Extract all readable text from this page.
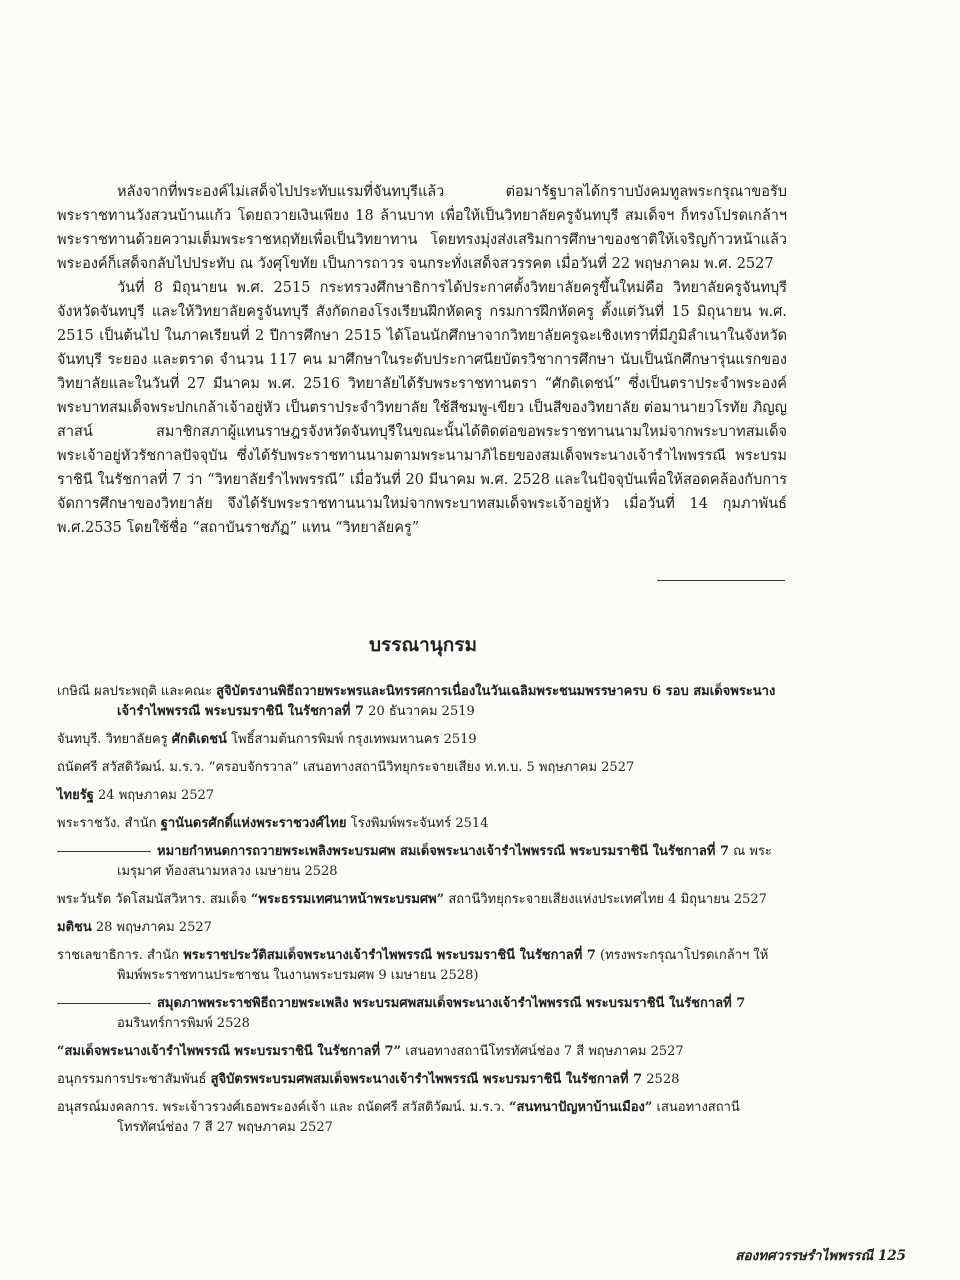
หลังจากที่พระองค์ไม่เสด็จไปประทับแรมที่จันทบุรีแล้ว ต่อมารัฐบาลได้กราบบังคมทูลพระกรุณาขอรับพระราชทานวังสวนบ้านแก้ว โดยถวายเงินเพียง 18 ล้านบาท เพื่อให้เป็นวิทยาลัยครูจันทบุรี สมเด็จฯ ก็ทรงโปรดเกล้าฯ พระราชทานด้วยความเต็มพระราชหฤทัยเพื่อเป็นวิทยาทาน โดยทรงมุ่งส่งเสริมการศึกษาของชาติให้เจริญก้าวหน้าแล้วพระองค์ก็เสด็จกลับไปประทับ ณ วังศุโขทัย เป็นการถาวร จนกระทั่งเสด็จสวรรคต เมื่อวันที่ 22 พฤษภาคม พ.ศ. 2527

วันที่ 8 มิถุนายน พ.ศ. 2515 กระทรวงศึกษาธิการได้ประกาศตั้งวิทยาลัยครูขึ้นใหม่คือ วิทยาลัยครูจันทบุรี จังหวัดจันทบุรี และให้วิทยาลัยครูจันทบุรี สังกัดกองโรงเรียนฝึกหัดครู กรมการฝึกหัดครู ตั้งแต่วันที่ 15 มิถุนายน พ.ศ. 2515 เป็นต้นไป ในภาคเรียนที่ 2 ปีการศึกษา 2515 ได้โอนนักศึกษาจากวิทยาลัยครูฉะเชิงเทราที่มีภูมิลำเนาในจังหวัดจันทบุรี ระยอง และตราด จำนวน 117 คน มาศึกษาในระดับประกาศนียบัตรวิชาการศึกษา นับเป็นนักศึกษารุ่นแรกของวิทยาลัยและในวันที่ 27 มีนาคม พ.ศ. 2516 วิทยาลัยได้รับพระราชทานตรา “ศักดิเดชน์” ซึ่งเป็นตราประจำพระองค์พระบาทสมเด็จพระปกเกล้าเจ้าอยู่หัว เป็นตราประจำวิทยาลัย ใช้สีชมพู-เขียว เป็นสีของวิทยาลัย ต่อมานายวโรทัย ภิญญสาสน์ สมาชิกสภาผู้แทนราษฎรจังหวัดจันทบุรีในขณะนั้นได้ติดต่อขอพระราชทานนามใหม่จากพระบาทสมเด็จพระเจ้าอยู่หัวรัชกาลปัจจุบัน ซึ่งได้รับพระราชทานนามตามพระนามาภิไธยของสมเด็จพระนางเจ้ารำไพพรรณี พระบรมราชินี ในรัชกาลที่ 7 ว่า “วิทยาลัยรำไพพรรณี” เมื่อวันที่ 20 มีนาคม พ.ศ. 2528 และในปัจจุบันเพื่อให้สอดคล้องกับการจัดการศึกษาของวิทยาลัย จึงได้รับพระราชทานนามใหม่จากพระบาทสมเด็จพระเจ้าอยู่หัว เมื่อวันที่ 14 กุมภาพันธ์ พ.ศ.2535 โดยใช้ชื่อ “สถาบันราชภัฏ” แทน “วิทยาลัยครู”

บรรณานุกรม
เกษิณี ผลประพฤติ และคณะ สูจิบัตรงานพิธีถวายพระพรและนิทรรศการเนื่องในวันเฉลิมพระชนมพรรษาครบ 6 รอบ สมเด็จพระนางเจ้ารำไพพรรณี พระบรมราชินี ในรัชกาลที่ 7 20 ธันวาคม 2519
จันทบุรี. วิทยาลัยครู ศักดิเดชน์ โพธิ์สามต้นการพิมพ์ กรุงเทพมหานคร 2519
ถนัดศรี สวัสดิวัฒน์. ม.ร.ว. “ครอบจักรวาล” เสนอทางสถานีวิทยุกระจายเสียง ท.ท.บ. 5 พฤษภาคม 2527
ไทยรัฐ 24 พฤษภาคม 2527
พระราชวัง. สำนัก ฐานันดรศักดิ์แห่งพระราชวงศ์ไทย โรงพิมพ์พระจันทร์ 2514
หมายกำหนดการถวายพระเพลิงพระบรมศพ สมเด็จพระนางเจ้ารำไพพรรณี พระบรมราชินี ในรัชกาลที่ 7 ณ พระเมรุมาศ ท้องสนามหลวง เมษายน 2528
พระวันรัต วัดโสมนัสวิหาร. สมเด็จ “พระธรรมเทศนาหน้าพระบรมศพ” สถานีวิทยุกระจายเสียงแห่งประเทศไทย 4 มิถุนายน 2527
มติชน 28 พฤษภาคม 2527
ราชเลขาธิการ. สำนัก พระราชประวัติสมเด็จพระนางเจ้ารำไพพรรณี พระบรมราชินี ในรัชกาลที่ 7 (ทรงพระกรุณาโปรดเกล้าฯ ให้พิมพ์พระราชทานประชาชน ในงานพระบรมศพ 9 เมษายน 2528)
สมุดภาพพระราชพิธีถวายพระเพลิง พระบรมศพสมเด็จพระนางเจ้ารำไพพรรณี พระบรมราชินี ในรัชกาลที่ 7 อมรินทร์การพิมพ์ 2528
“สมเด็จพระนางเจ้ารำไพพรรณี พระบรมราชินี ในรัชกาลที่ 7” เสนอทางสถานีโทรทัศน์ช่อง 7 สี พฤษภาคม 2527
อนุกรรมการประชาสัมพันธ์ สูจิบัตรพระบรมศพสมเด็จพระนางเจ้ารำไพพรรณี พระบรมราชินี ในรัชกาลที่ 7 2528
อนุสรณ์มงคลการ. พระเจ้าวรวงศ์เธอพระองค์เจ้า และ ถนัดศรี สวัสดิวัฒน์. ม.ร.ว. “สนทนาปัญหาบ้านเมือง” เสนอทางสถานีโทรทัศน์ช่อง 7 สี 27 พฤษภาคม 2527
สองทศวรรษรำไพพรรณี 125
